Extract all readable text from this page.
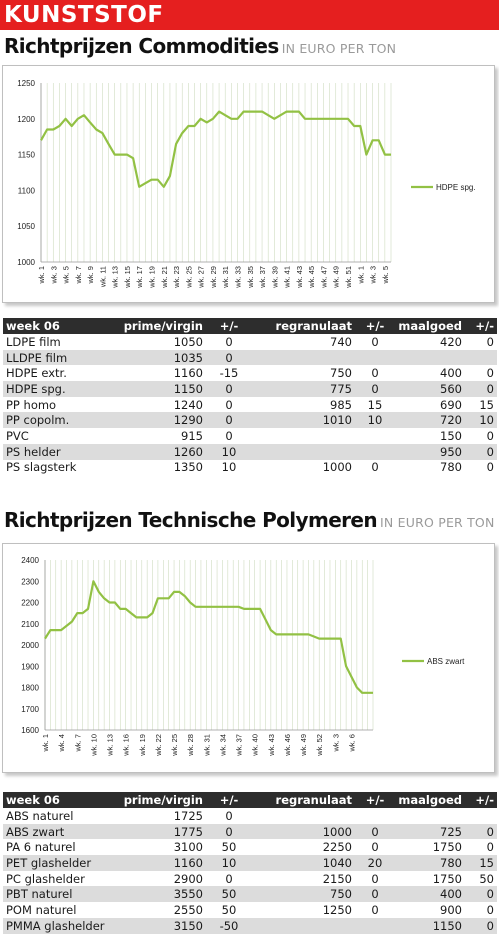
KUNSTSTOF
Richtprijzen Commodities IN EURO PER TON
1000
1050
1100
1150
1200
1250
wk. 1 wk. 3 wk. 5 wk. 7 wk. 9 wk. 11 wk. 13 wk. 15 wk. 17 wk. 19 wk. 21 wk. 23 wk. 25 wk. 27 wk. 29 wk. 31 wk. 33 wk. 35 wk. 37 wk. 39 wk. 41 wk. 43 wk. 45 wk. 47 wk. 49 wk. 51 wk. 1 wk. 3 wk. 5
HDPE spg.
week 06	prime/virgin	+/-	regranulaat	+/-	maalgoed	+/-
LDPE film	1050	0	740	0	420	0
LLDPE film	1035	0				
HDPE extr.	1160	-15	750	0	400	0
HDPE spg.	1150	0	775	0	560	0
PP homo	1240	0	985	15	690	15
PP copolm.	1290	0	1010	10	720	10
PVC	915	0			150	0
PS helder	1260	10			950	0
PS slagsterk	1350	10	1000	0	780	0
Richtprijzen Technische Polymeren IN EURO PER TON
1600
1700
1800
1900
2000
2100
2200
2300
2400
wk. 1 wk. 4 wk. 7 wk. 10 wk. 13 wk. 16 wk. 19 wk. 22 wk. 25 wk. 28 wk. 31 wk. 34 wk. 37 wk. 40 wk. 43 wk. 46 wk. 49 wk. 52 wk. 3 wk. 6
ABS zwart
week 06	prime/virgin	+/-	regranulaat	+/-	maalgoed	+/-
ABS naturel	1725	0				
ABS zwart	1775	0	1000	0	725	0
PA 6 naturel	3100	50	2250	0	1750	0
PET glashelder	1160	10	1040	20	780	15
PC glashelder	2900	0	2150	0	1750	50
PBT naturel	3550	50	750	0	400	0
POM naturel	2550	50	1250	0	900	0
PMMA glashelder	3150	-50			1150	0
